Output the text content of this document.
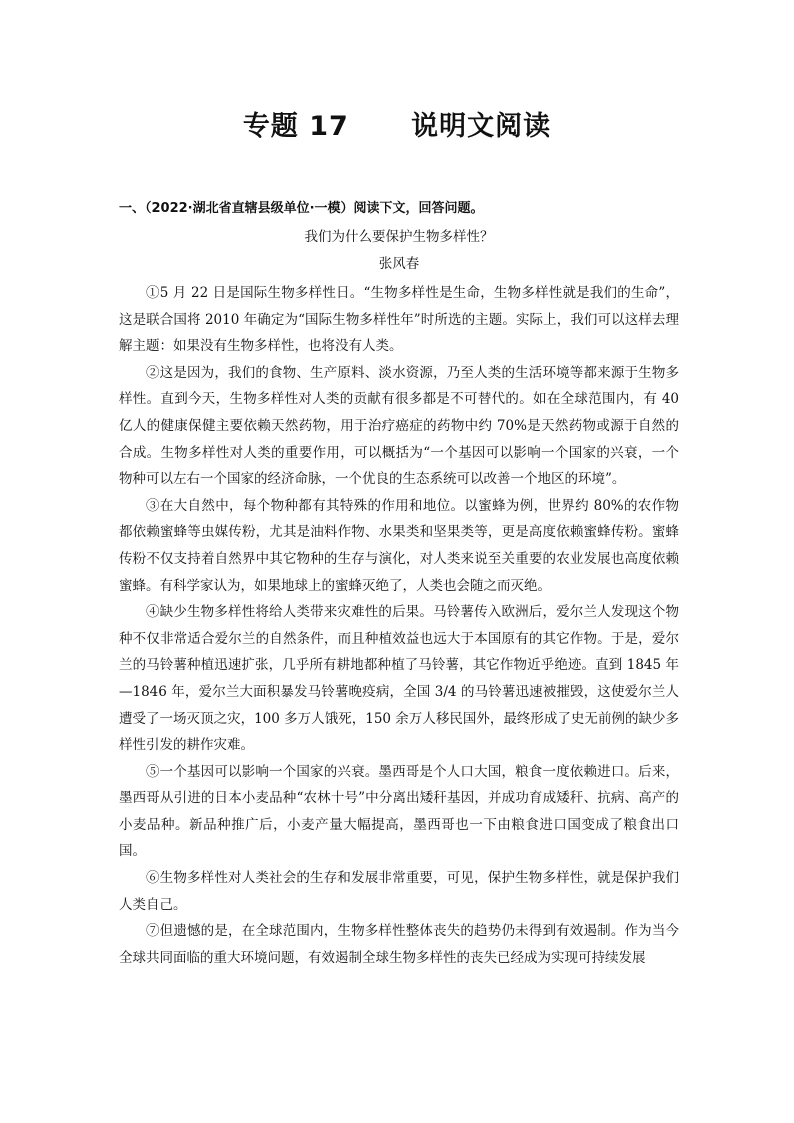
专题 17      说明文阅读
一、（2022·湖北省直辖县级单位·一模）阅读下文，回答问题。
我们为什么要保护生物多样性？
张风春

①5 月 22 日是国际生物多样性日。“生物多样性是生命，生物多样性就是我们的生命”，这是联合国将 2010 年确定为“国际生物多样性年”时所选的主题。实际上，我们可以这样去理解主题：如果没有生物多样性，也将没有人类。

②这是因为，我们的食物、生产原料、淡水资源，乃至人类的生活环境等都来源于生物多样性。直到今天，生物多样性对人类的贡献有很多都是不可替代的。如在全球范围内，有 40 亿人的健康保健主要依赖天然药物，用于治疗癌症的药物中约 70%是天然药物或源于自然的合成。生物多样性对人类的重要作用，可以概括为“一个基因可以影响一个国家的兴衰，一个物种可以左右一个国家的经济命脉，一个优良的生态系统可以改善一个地区的环境”。

③在大自然中，每个物种都有其特殊的作用和地位。以蜜蜂为例，世界约 80%的农作物都依赖蜜蜂等虫媒传粉，尤其是油料作物、水果类和坚果类等，更是高度依赖蜜蜂传粉。蜜蜂传粉不仅支持着自然界中其它物种的生存与演化，对人类来说至关重要的农业发展也高度依赖蜜蜂。有科学家认为，如果地球上的蜜蜂灭绝了，人类也会随之而灭绝。

④缺少生物多样性将给人类带来灾难性的后果。马铃薯传入欧洲后，爱尔兰人发现这个物种不仅非常适合爱尔兰的自然条件，而且种植效益也远大于本国原有的其它作物。于是，爱尔兰的马铃薯种植迅速扩张，几乎所有耕地都种植了马铃薯，其它作物近乎绝迹。直到 1845 年—1846 年，爱尔兰大面积暴发马铃薯晚疫病，全国 3/4 的马铃薯迅速被摧毁，这使爱尔兰人遭受了一场灭顶之灾，100 多万人饿死，150 余万人移民国外，最终形成了史无前例的缺少多样性引发的耕作灾难。

⑤一个基因可以影响一个国家的兴衰。墨西哥是个人口大国，粮食一度依赖进口。后来，墨西哥从引进的日本小麦品种“农林十号”中分离出矮秆基因，并成功育成矮秆、抗病、高产的小麦品种。新品种推广后，小麦产量大幅提高，墨西哥也一下由粮食进口国变成了粮食出口国。

⑥生物多样性对人类社会的生存和发展非常重要，可见，保护生物多样性，就是保护我们人类自己。

⑦但遗憾的是，在全球范围内，生物多样性整体丧失的趋势仍未得到有效遏制。作为当今全球共同面临的重大环境问题，有效遏制全球生物多样性的丧失已经成为实现可持续发展
